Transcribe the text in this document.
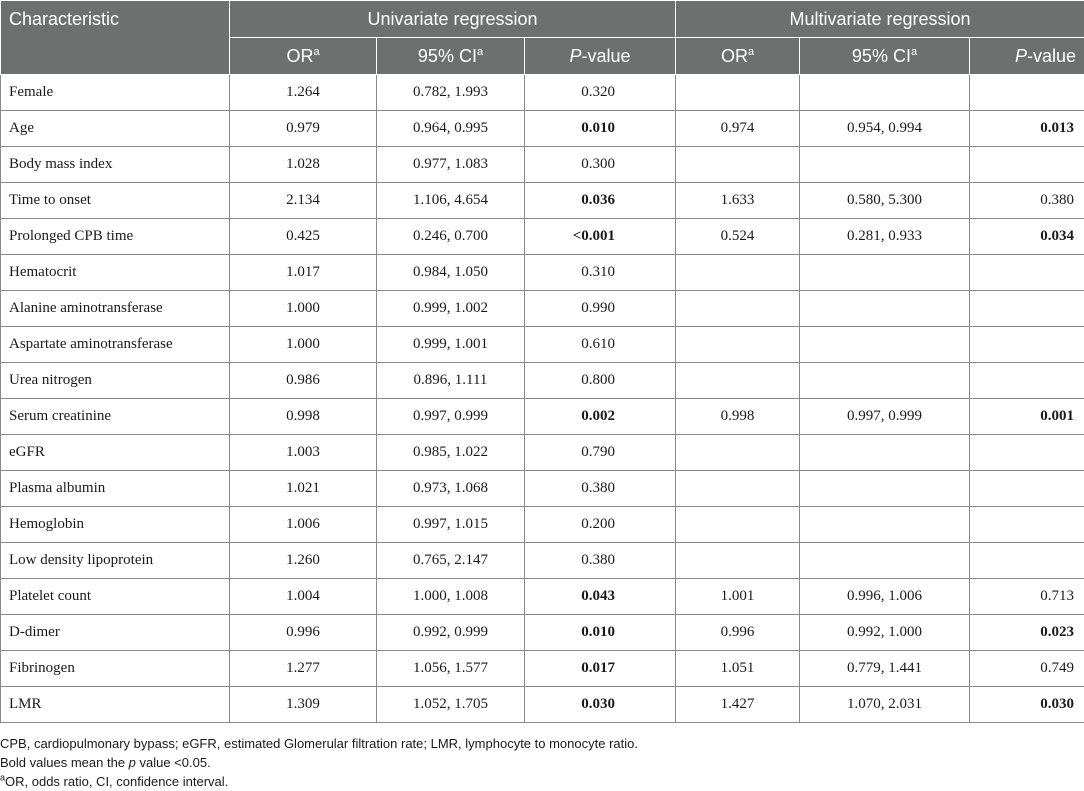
Characteristic	Univariate regression			Multivariate regression		
	$OR^a$	95% $CI^a$	P-value	$OR^a$	95% $CI^a$	P-value
Female	1.264	0.782, 1.993	0.320			
Age	0.979	0.964, 0.995	0.010	0.974	0.954, 0.994	0.013
Body mass index	1.028	0.977, 1.083	0.300			
Time to onset	2.134	1.106, 4.654	0.036	1.633	0.580, 5.300	0.380
Prolonged CPB time	0.425	0.246, 0.700	<0.001	0.524	0.281, 0.933	0.034
Hematocrit	1.017	0.984, 1.050	0.310			
Alanine aminotransferase	1.000	0.999, 1.002	0.990			
Aspartate aminotransferase	1.000	0.999, 1.001	0.610			
Urea nitrogen	0.986	0.896, 1.111	0.800			
Serum creatinine	0.998	0.997, 0.999	0.002	0.998	0.997, 0.999	0.001
eGFR	1.003	0.985, 1.022	0.790			
Plasma albumin	1.021	0.973, 1.068	0.380			
Hemoglobin	1.006	0.997, 1.015	0.200			
Low density lipoprotein	1.260	0.765, 2.147	0.380			
Platelet count	1.004	1.000, 1.008	0.043	1.001	0.996, 1.006	0.713
D-dimer	0.996	0.992, 0.999	0.010	0.996	0.992, 1.000	0.023
Fibrinogen	1.277	1.056, 1.577	0.017	1.051	0.779, 1.441	0.749
LMR	1.309	1.052, 1.705	0.030	1.427	1.070, 2.031	0.030
CPB, cardiopulmonary bypass; eGFR, estimated Glomerular filtration rate; LMR, lymphocyte to monocyte ratio.
Bold values mean the p value <0.05.
$^a$OR, odds ratio, CI, confidence interval.
